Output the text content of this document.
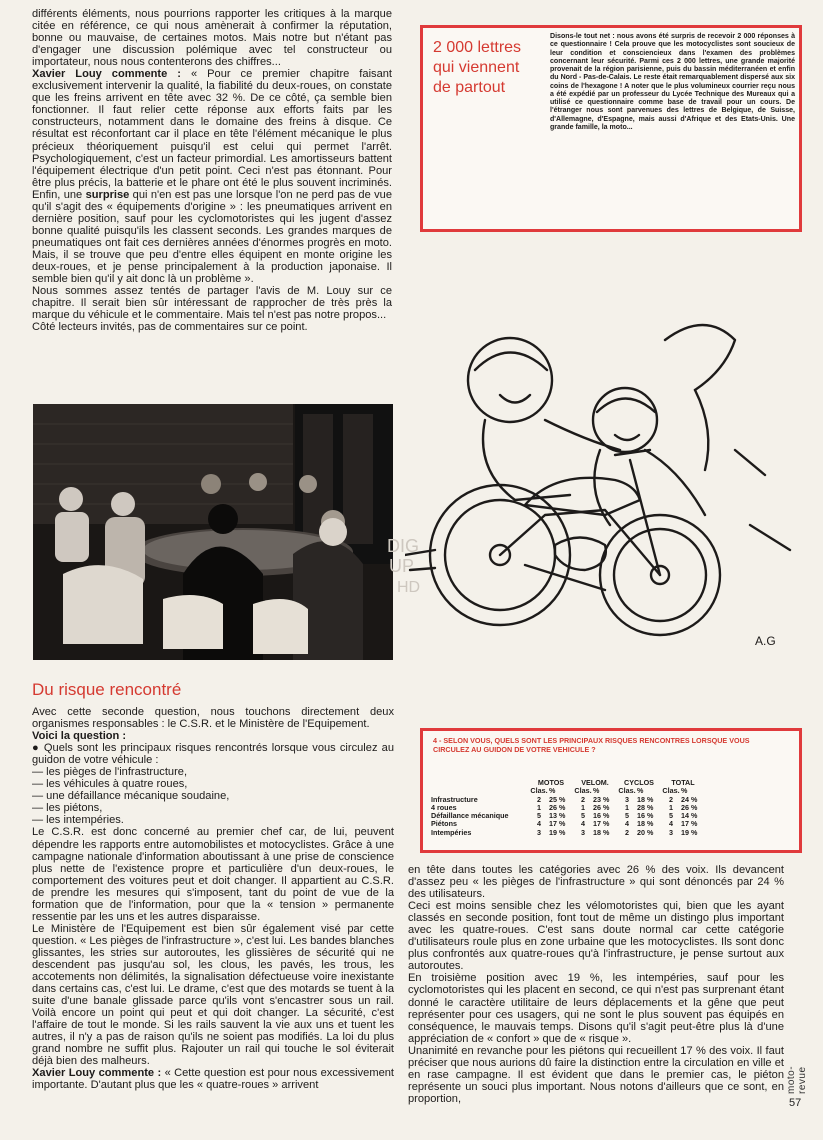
différents éléments, nous pourrions rapporter les critiques à la marque citée en référence, ce qui nous amènerait à confirmer la réputation, bonne ou mauvaise, de certaines motos. Mais notre but n'étant pas d'engager une discussion polémique avec tel constructeur ou importateur, nous nous contenterons des chiffres...

Xavier Louy commente : « Pour ce premier chapitre faisant exclusivement intervenir la qualité, la fiabilité du deux-roues, on constate que les freins arrivent en tête avec 32 %. De ce côté, ça semble bien fonctionner. Il faut relier cette réponse aux efforts faits par les constructeurs, notamment dans le domaine des freins à disque. Ce résultat est réconfortant car il place en tête l'élément mécanique le plus précieux théoriquement puisqu'il est celui qui permet l'arrêt. Psychologiquement, c'est un facteur primordial. Les amortisseurs battent l'équipement électrique d'un petit point. Ceci n'est pas étonnant. Pour être plus précis, la batterie et le phare ont été le plus souvent incriminés. Enfin, une surprise qui n'en est pas une lorsque l'on ne perd pas de vue qu'il s'agit des « équipements d'origine » : les pneumatiques arrivent en dernière position, sauf pour les cyclomotoristes qui les jugent d'assez bonne qualité puisqu'ils les classent seconds. Les grandes marques de pneumatiques ont fait ces dernières années d'énormes progrès en moto. Mais, il se trouve que peu d'entre elles équipent en monte origine les deux-roues, et je pense principalement à la production japonaise. Il semble bien qu'il y ait donc là un problème ».

Nous sommes assez tentés de partager l'avis de M. Louy sur ce chapitre. Il serait bien sûr intéressant de rapprocher de très près la marque du véhicule et le commentaire. Mais tel n'est pas notre propos...

Côté lecteurs invités, pas de commentaires sur ce point.

2 000 lettres qui viennent de partout
Disons-le tout net : nous avons été surpris de recevoir 2 000 réponses à ce questionnaire ! Cela prouve que les motocyclistes sont soucieux de leur condition et consciencieux dans l'examen des problèmes concernant leur sécurité. Parmi ces 2 000 lettres, une grande majorité provenait de la région parisienne, puis du bassin méditerranéen et enfin du Nord - Pas-de-Calais. Le reste était remarquablement dispersé aux six coins de l'hexagone ! A noter que le plus volumineux courrier reçu nous a été expédié par un professeur du Lycée Technique des Mureaux qui a utilisé ce questionnaire comme base de travail pour un cours. De l'étranger nous sont parvenues des lettres de Belgique, de Suisse, d'Allemagne, d'Espagne, mais aussi d'Afrique et des Etats-Unis. Une grande famille, la moto...
A.G
DIG
UP
HD
Du risque rencontré

Avec cette seconde question, nous touchons directement deux organismes responsables : le C.S.R. et le Ministère de l'Equipement.

Voici la question :

● Quels sont les principaux risques rencontrés lorsque vous circulez au guidon de votre véhicule :

— les pièges de l'infrastructure,

— les véhicules à quatre roues,

— une défaillance mécanique soudaine,

— les piétons,

— les intempéries.

Le C.S.R. est donc concerné au premier chef car, de lui, peuvent dépendre les rapports entre automobilistes et motocyclistes. Grâce à une campagne nationale d'information aboutissant à une prise de conscience plus nette de l'existence propre et particulière d'un deux-roues, le comportement des voitures peut et doit changer. Il appartient au C.S.R. de prendre les mesures qui s'imposent, tant du point de vue de la formation que de l'information, pour que la « tension » permanente ressentie par les uns et les autres disparaisse.

Le Ministère de l'Equipement est bien sûr également visé par cette question. « Les pièges de l'infrastructure », c'est lui. Les bandes blanches glissantes, les stries sur autoroutes, les glissières de sécurité qui ne descendent pas jusqu'au sol, les clous, les pavés, les trous, les accotements non délimités, la signalisation défectueuse voire inexistante dans certains cas, c'est lui. Le drame, c'est que des motards se tuent à la suite d'une banale glissade parce qu'ils vont s'encastrer sous un rail. Voilà encore un point qui peut et qui doit changer. La sécurité, c'est l'affaire de tout le monde. Si les rails sauvent la vie aux uns et tuent les autres, il n'y a pas de raison qu'ils ne soient pas modifiés. La loi du plus grand nombre ne suffit plus. Rajouter un rail qui touche le sol éviterait déjà bien des malheurs.

Xavier Louy commente : « Cette question est pour nous excessivement importante. D'autant plus que les « quatre-roues » arrivent

4 - SELON VOUS, QUELS SONT LES PRINCIPAUX RISQUES RENCONTRES LORSQUE VOUS CIRCULEZ AU GUIDON DE VOTRE VEHICULE ?
	MOTOS		VELOM.		CYCLOS		TOTAL	
	Clas.	%	Clas.	%	Clas.	%	Clas.	%
Infrastructure	2	25 %	2	23 %	3	18 %	2	24 %
4 roues	1	26 %	1	26 %	1	28 %	1	26 %
Défaillance mécanique	5	13 %	5	16 %	5	16 %	5	14 %
Piétons	4	17 %	4	17 %	4	18 %	4	17 %
Intempéries	3	19 %	3	18 %	2	20 %	3	19 %

en tête dans toutes les catégories avec 26 % des voix. Ils devancent d'assez peu « les pièges de l'infrastructure » qui sont dénoncés par 24 % des utilisateurs.

Ceci est moins sensible chez les vélomotoristes qui, bien que les ayant classés en seconde position, font tout de même un distingo plus important avec les quatre-roues. C'est sans doute normal car cette catégorie d'utilisateurs roule plus en zone urbaine que les motocyclistes. Ils sont donc plus confrontés aux quatre-roues qu'à l'infrastructure, je pense surtout aux autoroutes.

En troisième position avec 19 %, les intempéries, sauf pour les cyclomotoristes qui les placent en second, ce qui n'est pas surprenant étant donné le caractère utilitaire de leurs déplacements et la gêne que peut représenter pour ces usagers, qui ne sont le plus souvent pas équipés en conséquence, le mauvais temps. Disons qu'il s'agit peut-être plus là d'une appréciation de « confort » que de « risque ».

Unanimité en revanche pour les piétons qui recueillent 17 % des voix. Il faut préciser que nous aurions dû faire la distinction entre la circulation en ville et en rase campagne. Il est évident que dans le premier cas, le piéton représente un souci plus important. Nous notons d'ailleurs que ce sont, en proportion,

moto-revue
57
